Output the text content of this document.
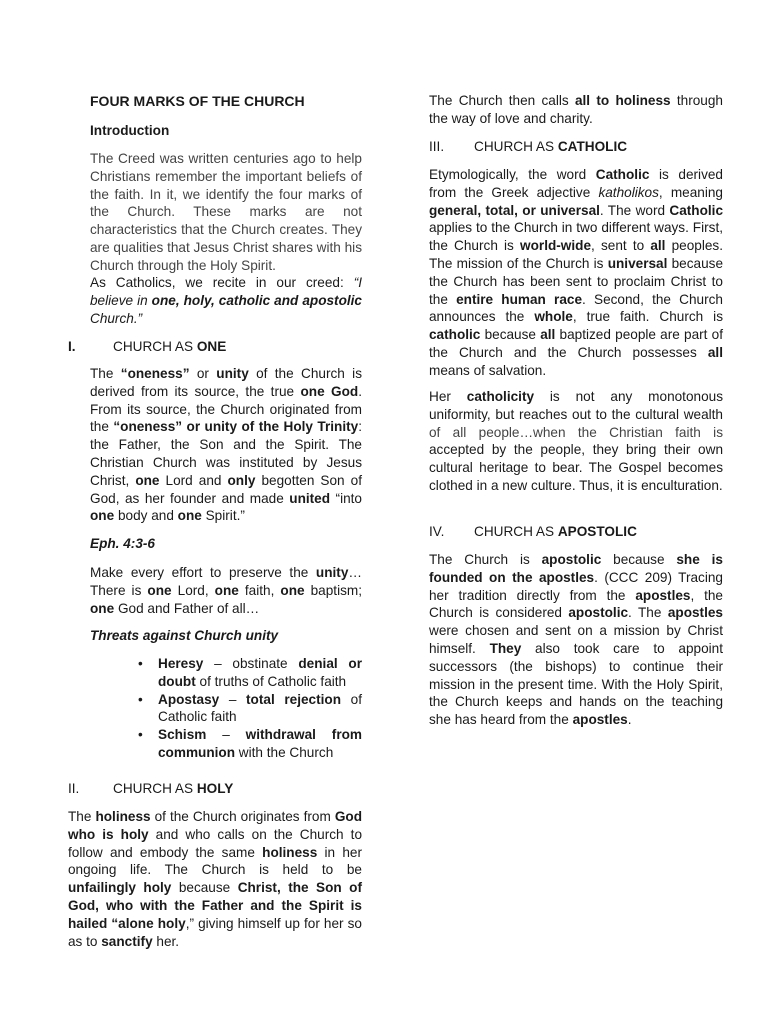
FOUR MARKS OF THE CHURCH
Introduction
The Creed was written centuries ago to help Christians remember the important beliefs of the faith. In it, we identify the four marks of the Church. These marks are not characteristics that the Church creates. They are qualities that Jesus Christ shares with his Church through the Holy Spirit.
As Catholics, we recite in our creed: “I believe in one, holy, catholic and apostolic Church.”
I.	CHURCH AS ONE
The “oneness” or unity of the Church is derived from its source, the true one God. From its source, the Church originated from the “oneness” or unity of the Holy Trinity: the Father, the Son and the Spirit. The Christian Church was instituted by Jesus Christ, one Lord and only begotten Son of God, as her founder and made united “into one body and one Spirit.”
Eph. 4:3-6
Make every effort to preserve the unity…There is one Lord, one faith, one baptism; one God and Father of all…
Threats against Church unity
• Heresy – obstinate denial or doubt of truths of Catholic faith
• Apostasy – total rejection of Catholic faith
• Schism – withdrawal from communion with the Church
II. CHURCH AS HOLY
The holiness of the Church originates from God who is holy and who calls on the Church to follow and embody the same holiness in her ongoing life. The Church is held to be unfailingly holy because Christ, the Son of God, who with the Father and the Spirit is hailed “alone holy,” giving himself up for her so as to sanctify her.
The Church then calls all to holiness through the way of love and charity.
III. CHURCH AS CATHOLIC
Etymologically, the word Catholic is derived from the Greek adjective katholikos, meaning general, total, or universal. The word Catholic applies to the Church in two different ways. First, the Church is world-wide, sent to all peoples. The mission of the Church is universal because the Church has been sent to proclaim Christ to the entire human race. Second, the Church announces the whole, true faith. Church is catholic because all baptized people are part of the Church and the Church possesses all means of salvation.
Her catholicity is not any monotonous uniformity, but reaches out to the cultural wealth of all people…when the Christian faith is accepted by the people, they bring their own cultural heritage to bear. The Gospel becomes clothed in a new culture. Thus, it is enculturation.
IV. CHURCH AS APOSTOLIC
The Church is apostolic because she is founded on the apostles. (CCC 209) Tracing her tradition directly from the apostles, the Church is considered apostolic. The apostles were chosen and sent on a mission by Christ himself. They also took care to appoint successors (the bishops) to continue their mission in the present time. With the Holy Spirit, the Church keeps and hands on the teaching she has heard from the apostles.
